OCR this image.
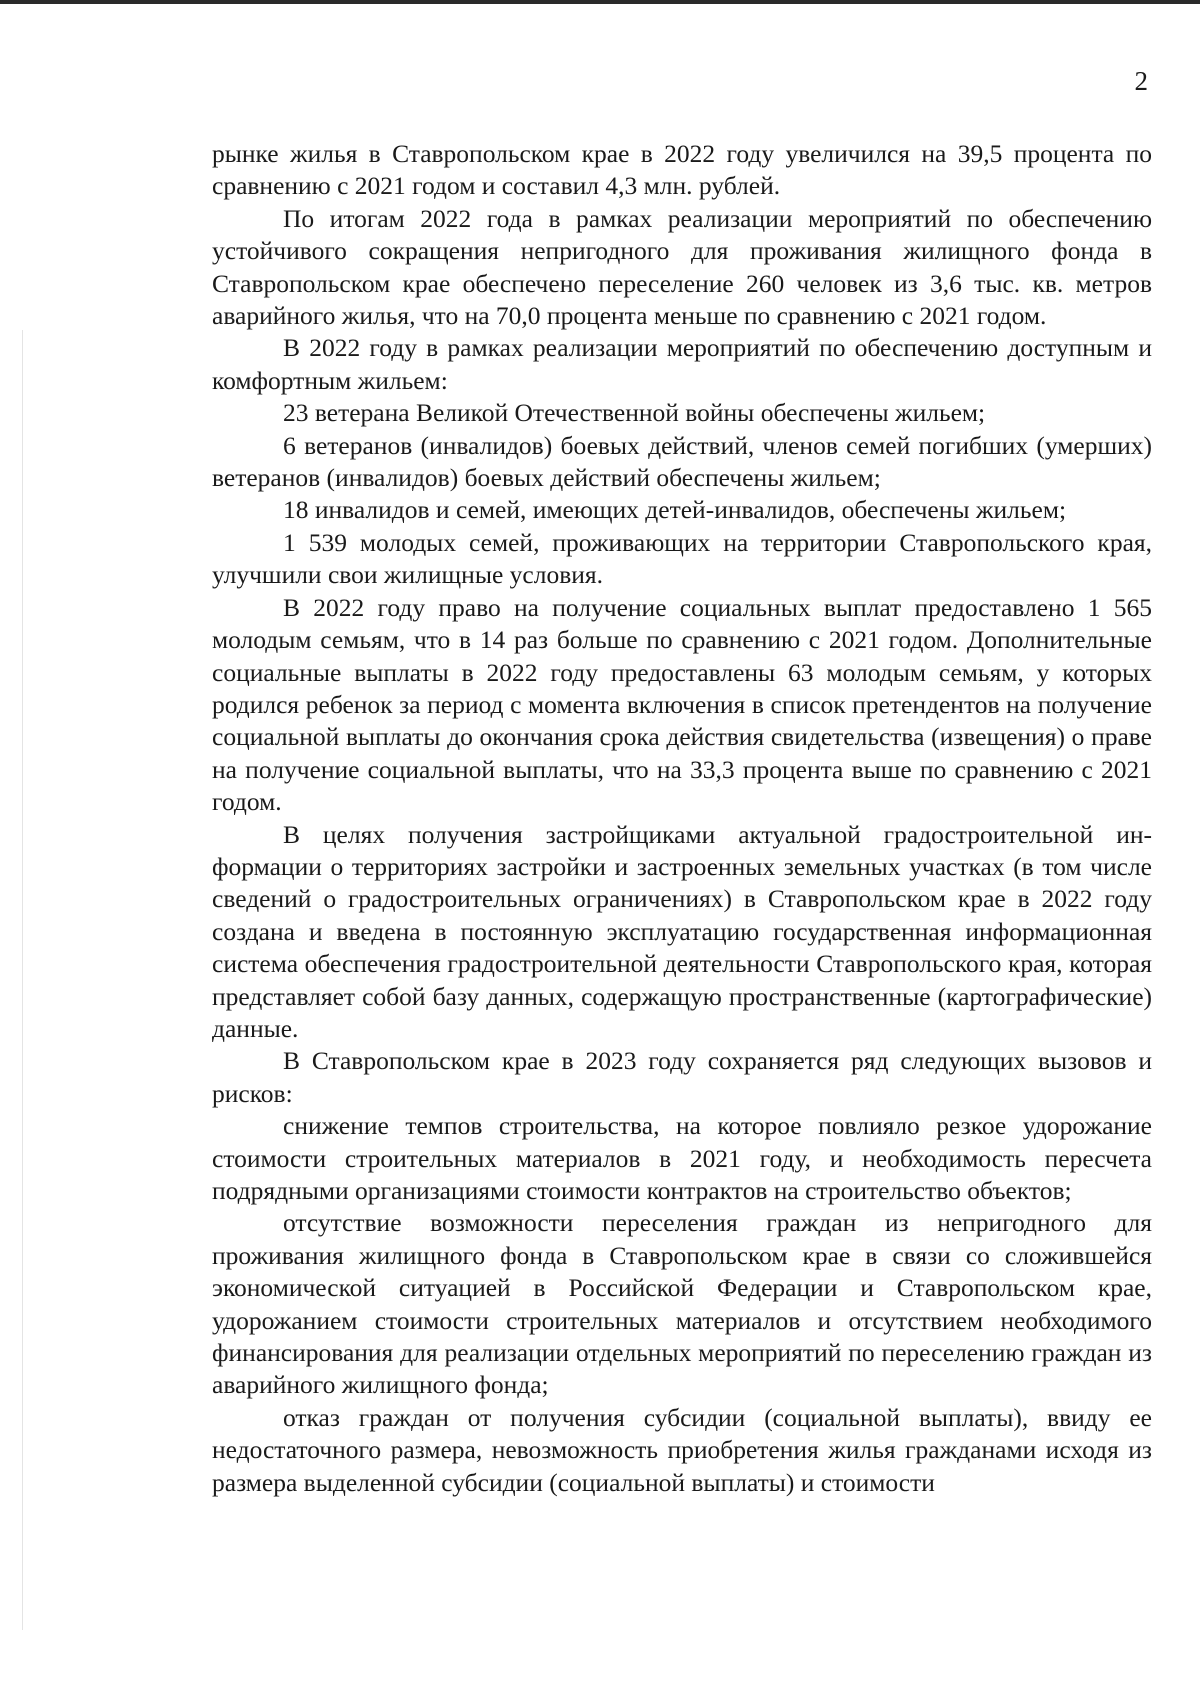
2

рынке жилья в Ставропольском крае в 2022 году увеличился на 39,5 процента по сравнению с 2021 годом и составил 4,3 млн. рублей.

По итогам 2022 года в рамках реализации мероприятий по обеспечению устойчивого сокращения непригодного для проживания жилищного фонда в Ставропольском крае обеспечено переселение 260 человек из 3,6 тыс. кв. метров аварийного жилья, что на 70,0 процента меньше по сравнению с 2021 годом.

В 2022 году в рамках реализации мероприятий по обеспечению доступным и комфортным жильем:

23 ветерана Великой Отечественной войны обеспечены жильем;

6 ветеранов (инвалидов) боевых действий, членов семей погибших (умерших) ветеранов (инвалидов) боевых действий обеспечены жильем;

18 инвалидов и семей, имеющих детей-инвалидов, обеспечены жильем;

1 539 молодых семей, проживающих на территории Ставропольского края, улучшили свои жилищные условия.

В 2022 году право на получение социальных выплат предоставлено 1 565 молодым семьям, что в 14 раз больше по сравнению с 2021 годом. Дополнительные социальные выплаты в 2022 году предоставлены 63 молодым семьям, у которых родился ребенок за период с момента включения в список претендентов на получение социальной выплаты до окончания срока действия свидетельства (извещения) о праве на получение социальной выплаты, что на 33,3 процента выше по сравнению с 2021 годом.

В целях получения застройщиками актуальной градостроительной информации о территориях застройки и застроенных земельных участках (в том числе сведений о градостроительных ограничениях) в Ставропольском крае в 2022 году создана и введена в постоянную эксплуатацию государственная информационная система обеспечения градостроительной деятельности Ставропольского края, которая представляет собой базу данных, содержащую пространственные (картографические) данные.

В Ставропольском крае в 2023 году сохраняется ряд следующих вызовов и рисков:

снижение темпов строительства, на которое повлияло резкое удорожание стоимости строительных материалов в 2021 году, и необходимость пересчета подрядными организациями стоимости контрактов на строительство объектов;

отсутствие возможности переселения граждан из непригодного для проживания жилищного фонда в Ставропольском крае в связи со сложившейся экономической ситуацией в Российской Федерации и Ставропольском крае, удорожанием стоимости строительных материалов и отсутствием необходимого финансирования для реализации отдельных мероприятий по переселению граждан из аварийного жилищного фонда;

отказ граждан от получения субсидии (социальной выплаты), ввиду ее недостаточного размера, невозможность приобретения жилья гражданами исходя из размера выделенной субсидии (социальной выплаты) и стоимости
